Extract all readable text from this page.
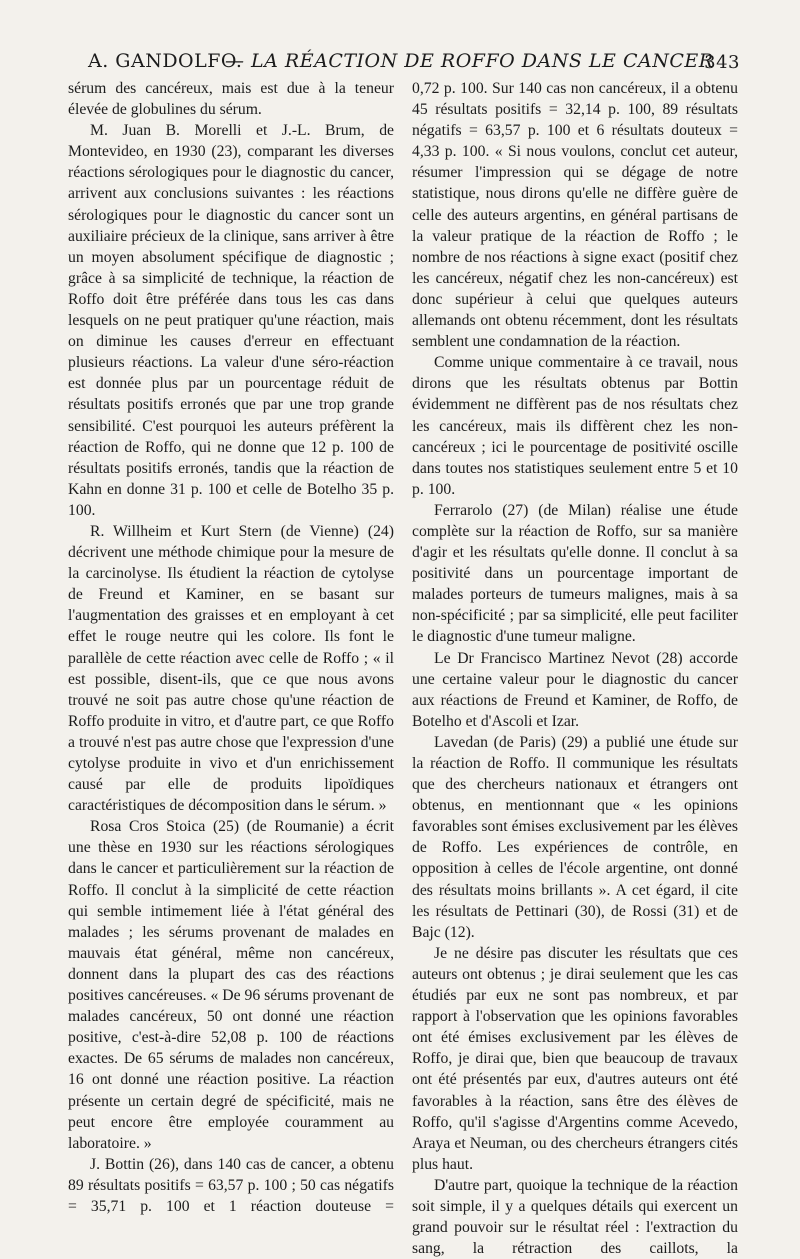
A. GANDOLFO.
— LA RÉACTION DE ROFFO DANS LE CANCER
343

sérum des cancéreux, mais est due à la teneur élevée de globulines du sérum.

M. Juan B. Morelli et J.-L. Brum, de Montevideo, en 1930 (23), comparant les diverses réactions sérologiques pour le diagnostic du cancer, arrivent aux conclusions suivantes : les réactions sérologiques pour le diagnostic du cancer sont un auxiliaire précieux de la clinique, sans arriver à être un moyen absolument spécifique de diagnostic ; grâce à sa simplicité de technique, la réaction de Roffo doit être préférée dans tous les cas dans lesquels on ne peut pratiquer qu'une réaction, mais on diminue les causes d'erreur en effectuant plusieurs réactions. La valeur d'une séro-réaction est donnée plus par un pourcentage réduit de résultats positifs erronés que par une trop grande sensibilité. C'est pourquoi les auteurs préfèrent la réaction de Roffo, qui ne donne que 12 p. 100 de résultats positifs erronés, tandis que la réaction de Kahn en donne 31 p. 100 et celle de Botelho 35 p. 100.

R. Willheim et Kurt Stern (de Vienne) (24) décrivent une méthode chimique pour la mesure de la carcinolyse. Ils étudient la réaction de cytolyse de Freund et Kaminer, en se basant sur l'augmentation des graisses et en employant à cet effet le rouge neutre qui les colore. Ils font le parallèle de cette réaction avec celle de Roffo ; « il est possible, disent-ils, que ce que nous avons trouvé ne soit pas autre chose qu'une réaction de Roffo produite in vitro, et d'autre part, ce que Roffo a trouvé n'est pas autre chose que l'expression d'une cytolyse produite in vivo et d'un enrichissement causé par elle de produits lipoïdiques caractéristiques de décomposition dans le sérum. »

Rosa Cros Stoica (25) (de Roumanie) a écrit une thèse en 1930 sur les réactions sérologiques dans le cancer et particulièrement sur la réaction de Roffo. Il conclut à la simplicité de cette réaction qui semble intimement liée à l'état général des malades ; les sérums provenant de malades en mauvais état général, même non cancéreux, donnent dans la plupart des cas des réactions positives cancéreuses. « De 96 sérums provenant de malades cancéreux, 50 ont donné une réaction positive, c'est-à-dire 52,08 p. 100 de réactions exactes. De 65 sérums de malades non cancéreux, 16 ont donné une réaction positive. La réaction présente un certain degré de spécificité, mais ne peut encore être employée couramment au laboratoire. »

J. Bottin (26), dans 140 cas de cancer, a obtenu 89 résultats positifs = 63,57 p. 100 ; 50 cas négatifs = 35,71 p. 100 et 1 réaction douteuse =

0,72 p. 100. Sur 140 cas non cancéreux, il a obtenu 45 résultats positifs = 32,14 p. 100, 89 résultats négatifs = 63,57 p. 100 et 6 résultats douteux = 4,33 p. 100. « Si nous voulons, conclut cet auteur, résumer l'impression qui se dégage de notre statistique, nous dirons qu'elle ne diffère guère de celle des auteurs argentins, en général partisans de la valeur pratique de la réaction de Roffo ; le nombre de nos réactions à signe exact (positif chez les cancéreux, négatif chez les non-cancéreux) est donc supérieur à celui que quelques auteurs allemands ont obtenu récemment, dont les résultats semblent une condamnation de la réaction.

Comme unique commentaire à ce travail, nous dirons que les résultats obtenus par Bottin évidemment ne diffèrent pas de nos résultats chez les cancéreux, mais ils diffèrent chez les non-cancéreux ; ici le pourcentage de positivité oscille dans toutes nos statistiques seulement entre 5 et 10 p. 100.

Ferrarolo (27) (de Milan) réalise une étude complète sur la réaction de Roffo, sur sa manière d'agir et les résultats qu'elle donne. Il conclut à sa positivité dans un pourcentage important de malades porteurs de tumeurs malignes, mais à sa non-spécificité ; par sa simplicité, elle peut faciliter le diagnostic d'une tumeur maligne.

Le Dr Francisco Martinez Nevot (28) accorde une certaine valeur pour le diagnostic du cancer aux réactions de Freund et Kaminer, de Roffo, de Botelho et d'Ascoli et Izar.

Lavedan (de Paris) (29) a publié une étude sur la réaction de Roffo. Il communique les résultats que des chercheurs nationaux et étrangers ont obtenus, en mentionnant que « les opinions favorables sont émises exclusivement par les élèves de Roffo. Les expériences de contrôle, en opposition à celles de l'école argentine, ont donné des résultats moins brillants ». A cet égard, il cite les résultats de Pettinari (30), de Rossi (31) et de Bajc (12).

Je ne désire pas discuter les résultats que ces auteurs ont obtenus ; je dirai seulement que les cas étudiés par eux ne sont pas nombreux, et par rapport à l'observation que les opinions favorables ont été émises exclusivement par les élèves de Roffo, je dirai que, bien que beaucoup de travaux ont été présentés par eux, d'autres auteurs ont été favorables à la réaction, sans être des élèves de Roffo, qu'il s'agisse d'Argentins comme Acevedo, Araya et Neuman, ou des chercheurs étrangers cités plus haut.

D'autre part, quoique la technique de la réaction soit simple, il y a quelques détails qui exercent un grand pouvoir sur le résultat réel : l'extraction du sang, la rétraction des caillots, la
